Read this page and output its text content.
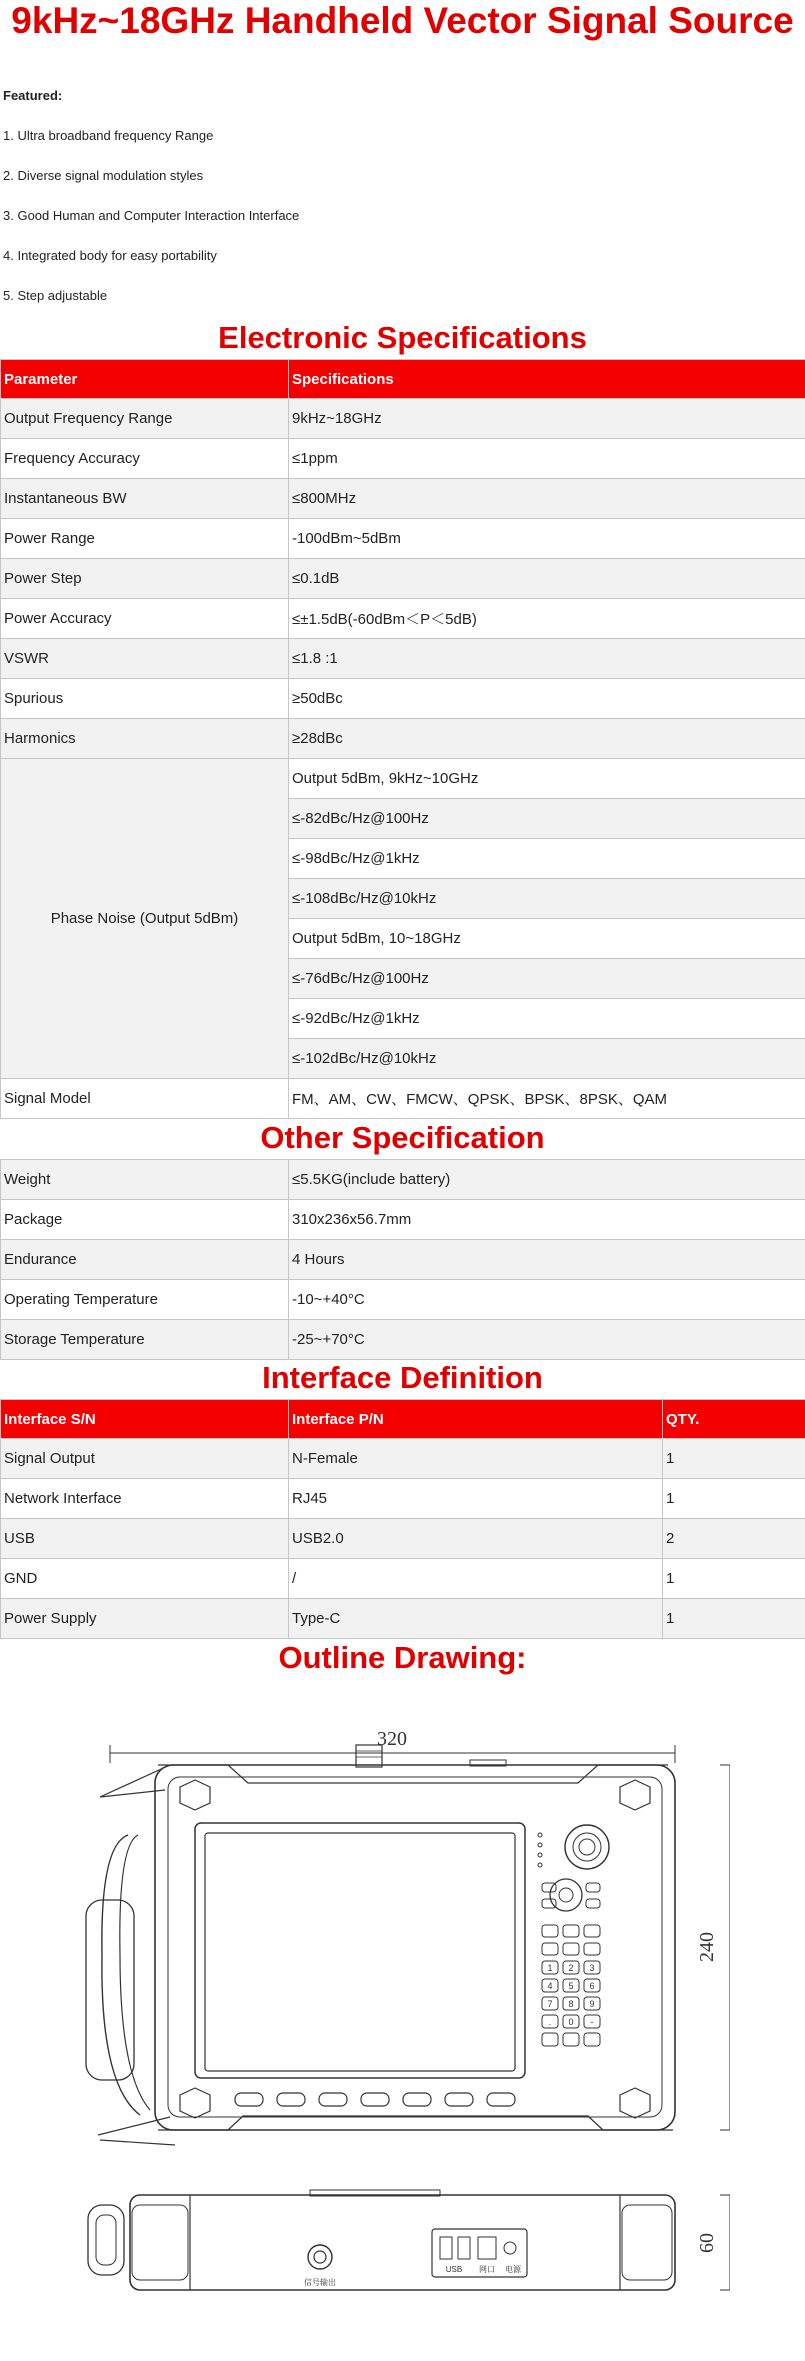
9kHz~18GHz Handheld Vector Signal Source
Featured:
1. Ultra broadband frequency Range
2. Diverse signal modulation styles
3. Good Human and Computer Interaction Interface
4. Integrated body for easy portability
5. Step adjustable
Electronic Specifications
Parameter	Specifications
Output Frequency Range	9kHz~18GHz
Frequency Accuracy	≤1ppm
Instantaneous BW	≤800MHz
Power Range	-100dBm~5dBm
Power Step	≤0.1dB
Power Accuracy	≤±1.5dB(-60dBm＜P＜5dB)
VSWR	≤1.8 :1
Spurious	≥50dBc
Harmonics	≥28dBc
Phase Noise (Output 5dBm)	Output 5dBm, 9kHz~10GHz
	≤-82dBc/Hz@100Hz
	≤-98dBc/Hz@1kHz
	≤-108dBc/Hz@10kHz
	Output 5dBm, 10~18GHz
	≤-76dBc/Hz@100Hz
	≤-92dBc/Hz@1kHz
	≤-102dBc/Hz@10kHz
Signal Model	FM、AM、CW、FMCW、QPSK、BPSK、8PSK、QAM
Other Specification
Weight	≤5.5KG(include battery)
Package	310x236x56.7mm
Endurance	4 Hours
Operating Temperature	-10~+40°C
Storage Temperature	-25~+70°C
Interface Definition
Interface S/N	Interface P/N	QTY.
Signal Output	N-Female	1
Network Interface	RJ45	1
USB	USB2.0	2
GND	/	1
Power Supply	Type-C	1
Outline Drawing:
320
240
1 2 3
4 5 6
7 8 9
. 0 -
60
信号输出
USB 网口 电源
